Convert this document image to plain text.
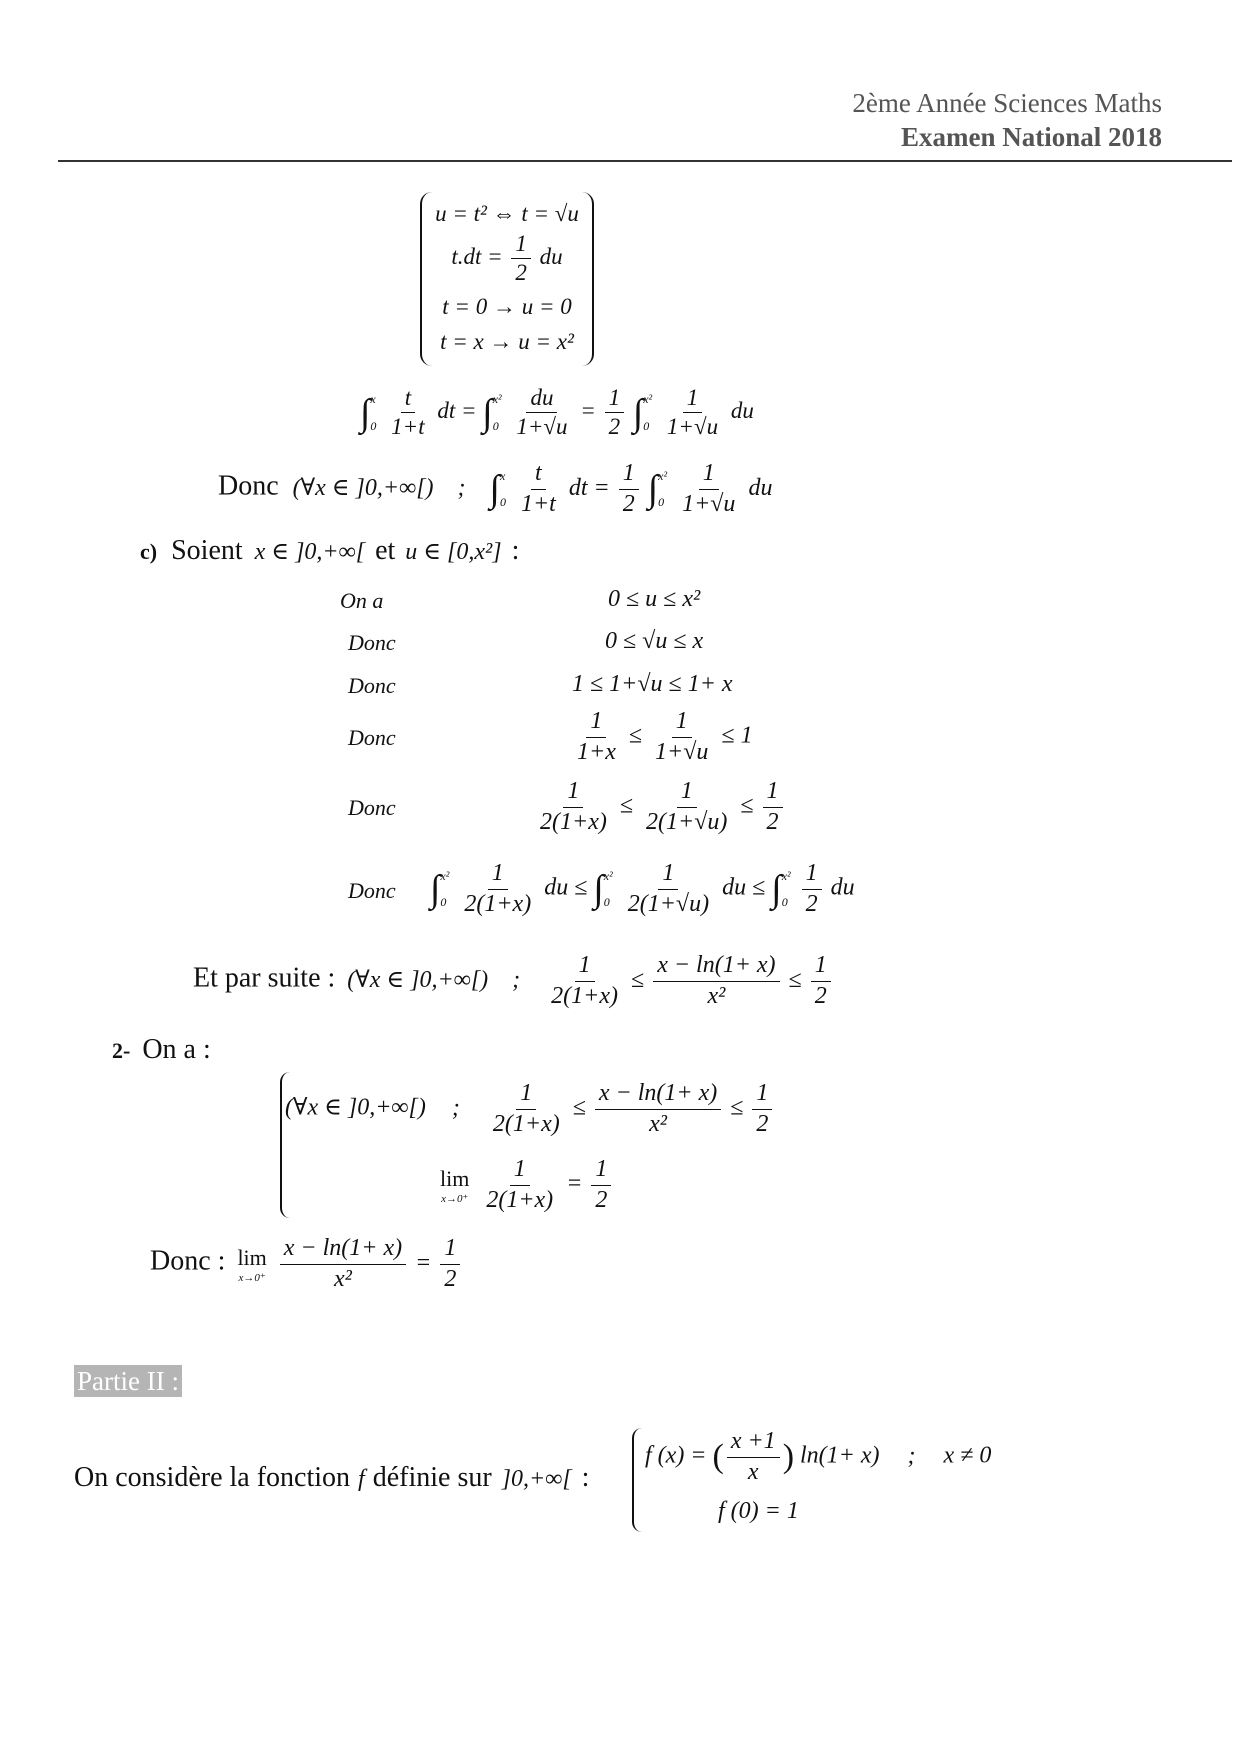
2ème Année Sciences Maths
Examen National 2018
u = t² ⇔ t = √u
$t.dt = \frac{1}{2}$ du
t = 0 → u = 0
t = x → u = x²
∫ x
0
$\frac{t}{1+t}$ dt = ∫ x²
0
$\frac{du}{1+√u} = \frac{1}{2}$ ∫ x²
0
$\frac{1}{1+√u}$ du
Donc (∀x ∈ ]0,+∞[) ; ∫ x
0
$\frac{t}{1+t}$ dt = $\frac{1}{2}$ ∫ x²
0
$\frac{1}{1+√u}$ du
c) Soient x ∈ ]0,+∞[ et u ∈ [0,x²] :
On a
Donc
Donc
Donc
Donc
Donc
0 ≤ u ≤ x²
0 ≤ √u ≤ x
1 ≤ 1+√u ≤ 1+ x
$\frac{1}{1+x} \le \frac{1}{1+√u} \le 1$
$\frac{1}{2(1+x)} \le \frac{1}{2(1+√u)} \le \frac{1}{2}$
∫ x²
0
$\frac{1}{2(1+x)}$ du ≤ ∫ x²
0
$\frac{1}{2(1+√u)}$ du ≤ ∫ x²
0
$\frac{1}{2}$ du
Et par suite : (∀x ∈ ]0,+∞[) ; $\frac{1}{2(1+x)} \le \frac{x - \ln(1+ x)}{\text{x²}} \le \frac{1}{2}$
2- On a :
(∀x ∈ ]0,+∞[) ; $\frac{1}{2(1+x)} \le \frac{x - \ln(1+ x)}{\text{x²}} \le \frac{1}{2}$
lim
x→0⁺
$\frac{1}{2(1+x)} = \frac{1}{2}$
Donc : lim
x→0⁺
$\frac{x - \ln(1+ x)}{\text{x²}} = \frac{1}{2}$
Partie II :
On considère la fonction f définie sur ]0,+∞[ :
f (x) = ( $\frac{x +1}{x}$ ) ln(1+ x) ; x ≠ 0
f (0) = 1
